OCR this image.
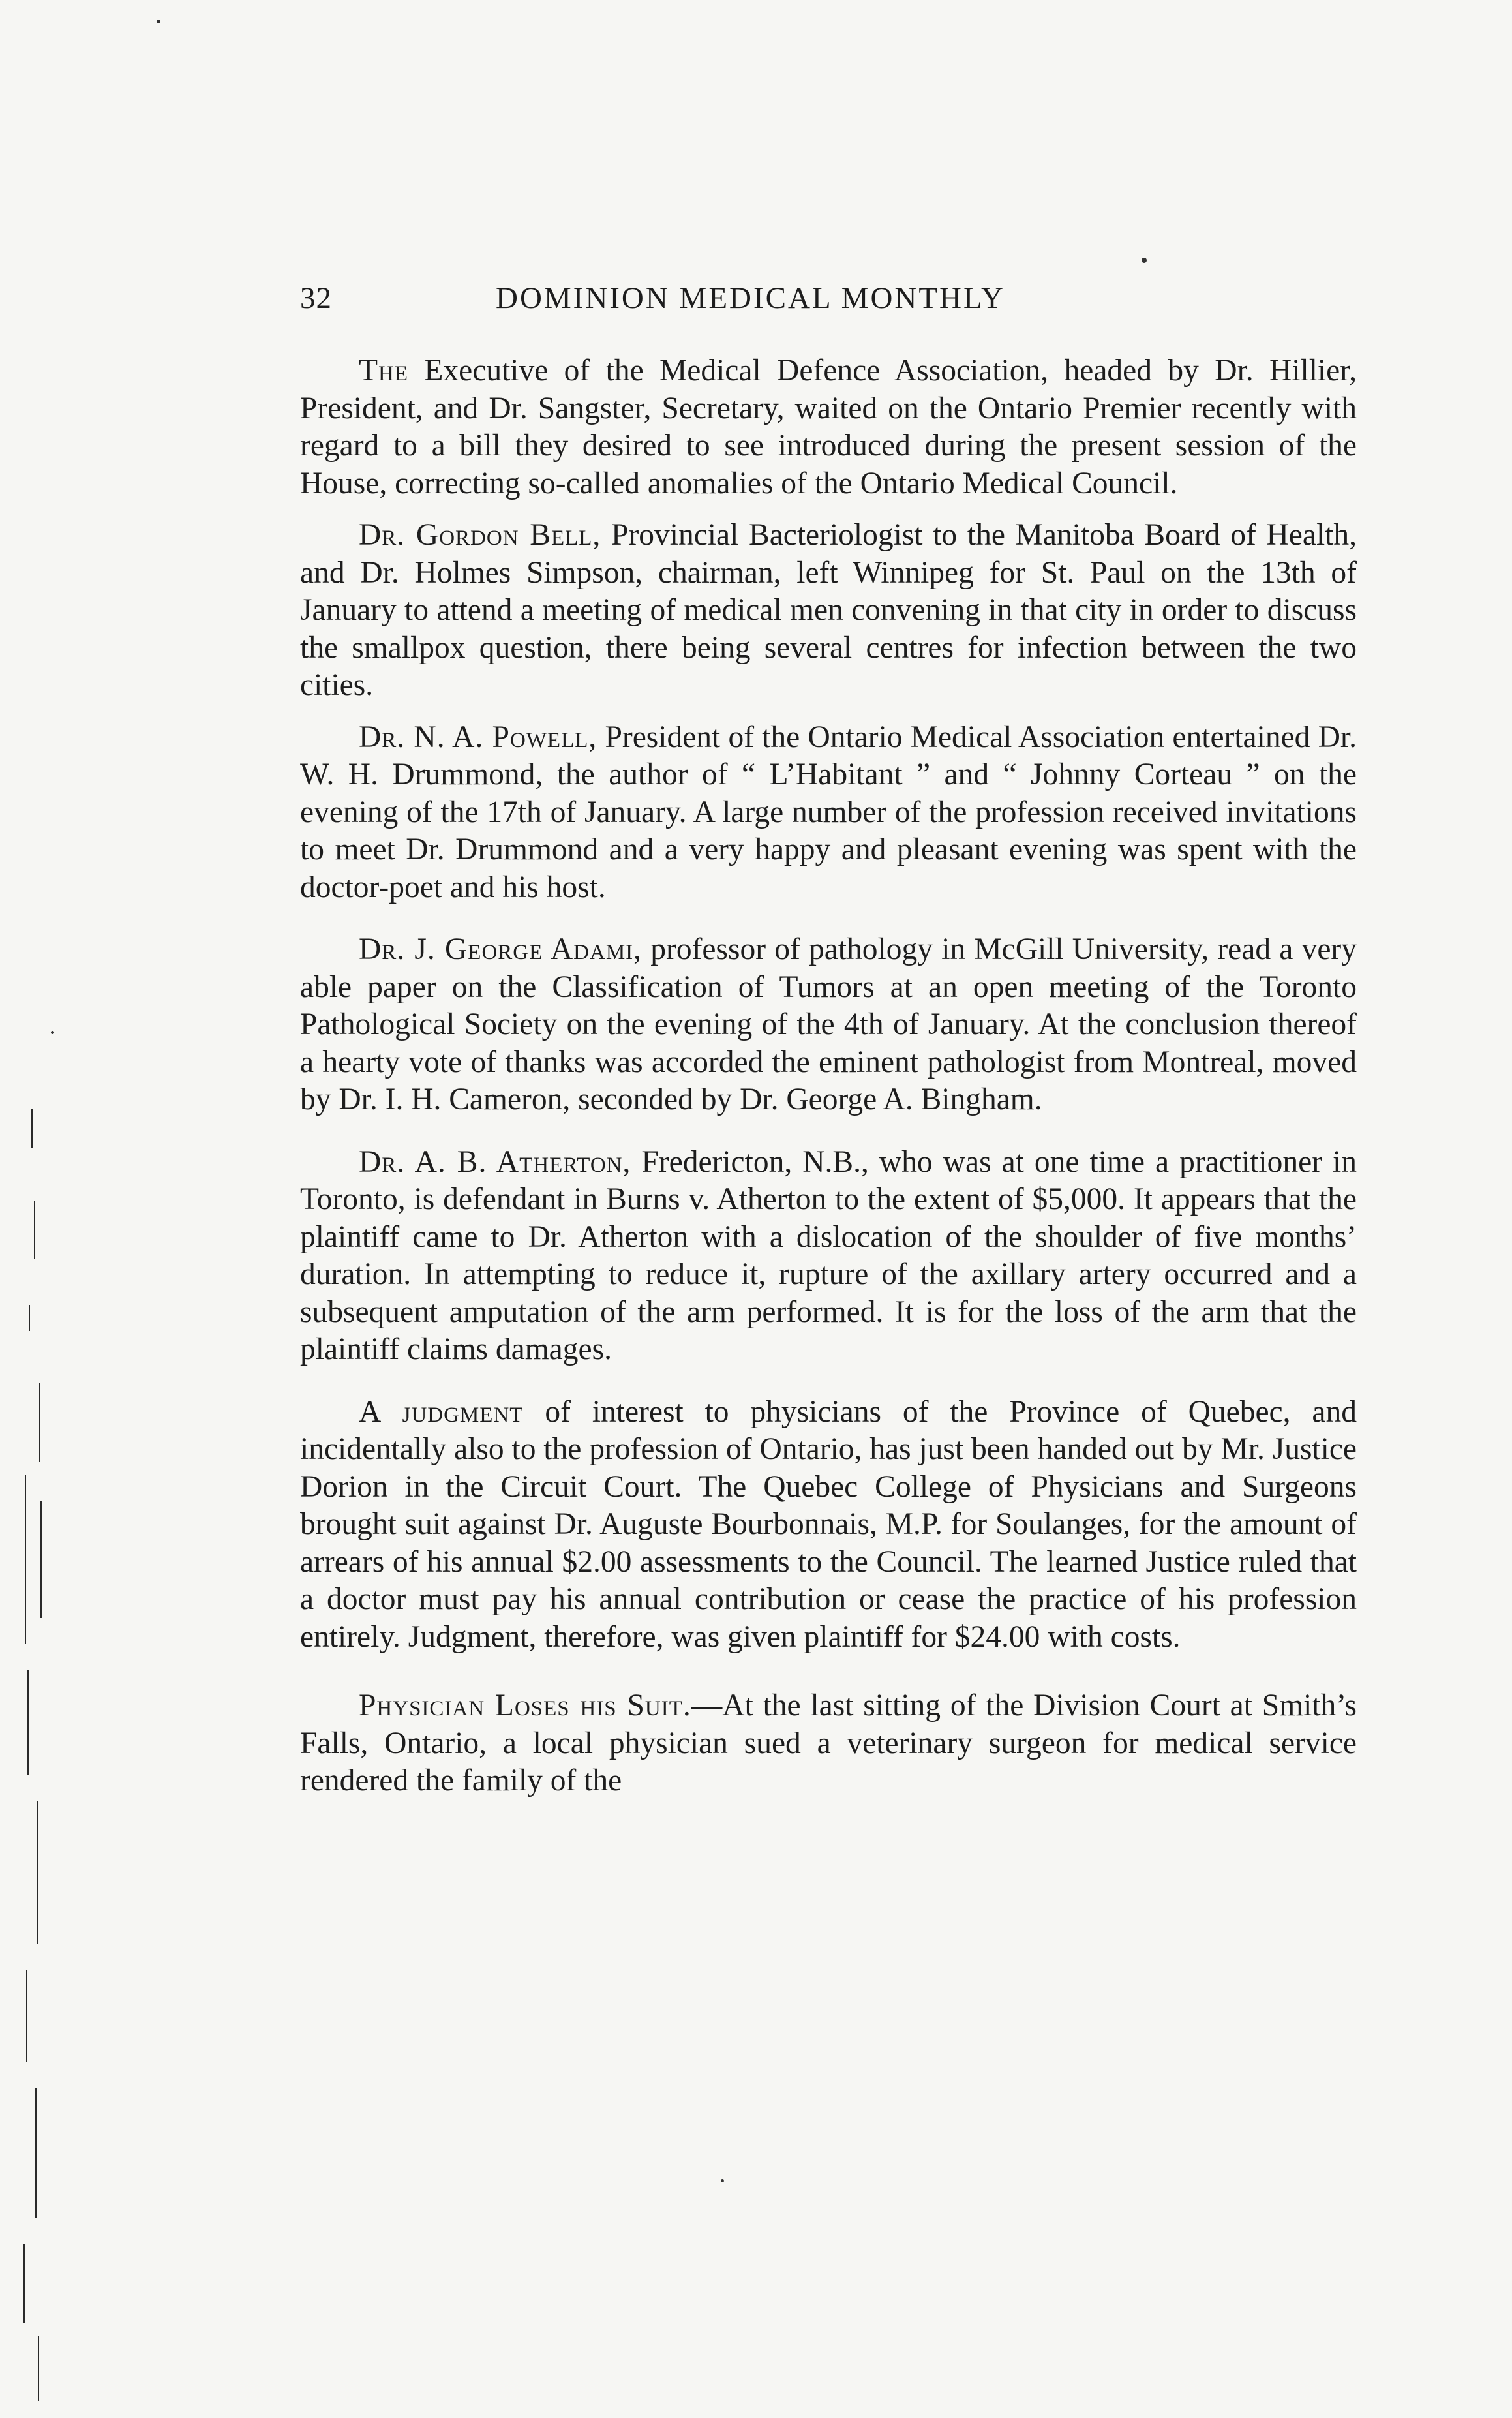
32	DOMINION MEDICAL MONTHLY

The Executive of the Medical Defence Association, headed by Dr. Hillier, President, and Dr. Sangster, Secretary, waited on the Ontario Premier recently with regard to a bill they desired to see introduced during the present session of the House, correcting so-called anomalies of the Ontario Medical Council.

Dr. Gordon Bell, Provincial Bacteriologist to the Manitoba Board of Health, and Dr. Holmes Simpson, chairman, left Winnipeg for St. Paul on the 13th of January to attend a meeting of medical men convening in that city in order to discuss the smallpox question, there being several centres for infection between the two cities.

Dr. N. A. Powell, President of the Ontario Medical Association entertained Dr. W. H. Drummond, the author of “ L’Habitant ” and “ Johnny Corteau ” on the evening of the 17th of January. A large number of the profession received invitations to meet Dr. Drummond and a very happy and pleasant evening was spent with the doctor-poet and his host.

Dr. J. George Adami, professor of pathology in McGill University, read a very able paper on the Classification of Tumors at an open meeting of the Toronto Pathological Society on the evening of the 4th of January. At the conclusion thereof a hearty vote of thanks was accorded the eminent pathologist from Montreal, moved by Dr. I. H. Cameron, seconded by Dr. George A. Bingham.

Dr. A. B. Atherton, Fredericton, N.B., who was at one time a practitioner in Toronto, is defendant in Burns v. Atherton to the extent of $5,000. It appears that the plaintiff came to Dr. Atherton with a dislocation of the shoulder of five months’ duration. In attempting to reduce it, rupture of the axillary artery occurred and a subsequent amputation of the arm performed. It is for the loss of the arm that the plaintiff claims damages.

A judgment of interest to physicians of the Province of Quebec, and incidentally also to the profession of Ontario, has just been handed out by Mr. Justice Dorion in the Circuit Court. The Quebec College of Physicians and Surgeons brought suit against Dr. Auguste Bourbonnais, M.P. for Soulanges, for the amount of arrears of his annual $2.00 assessments to the Council. The learned Justice ruled that a doctor must pay his annual contribution or cease the practice of his profession entirely. Judgment, therefore, was given plaintiff for $24.00 with costs.

Physician Loses his Suit.—At the last sitting of the Division Court at Smith’s Falls, Ontario, a local physician sued a veterinary surgeon for medical service rendered the family of the
